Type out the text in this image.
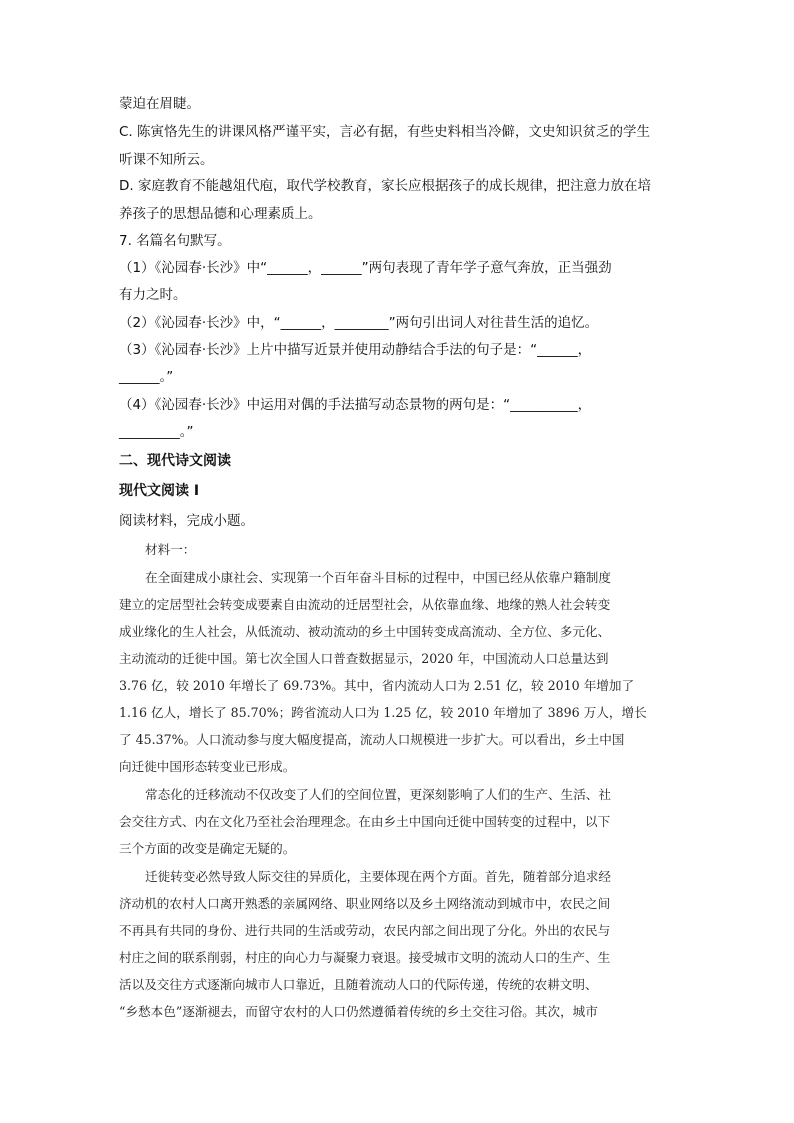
蒙迫在眉睫。
C. 陈寅恪先生的讲课风格严谨平实，言必有据，有些史料相当冷僻，文史知识贫乏的学生
听课不知所云。
D. 家庭教育不能越俎代庖，取代学校教育，家长应根据孩子的成长规律，把注意力放在培
养孩子的思想品德和心理素质上。
7. 名篇名句默写。
（1）《沁园春·长沙》中“______，______”两句表现了青年学子意气奔放，正当强劲
有力之时。
（2）《沁园春·长沙》中，“______，________”两句引出词人对往昔生活的追忆。
（3）《沁园春·长沙》上片中描写近景并使用动静结合手法的句子是：“______，
______。”
（4）《沁园春·长沙》中运用对偶的手法描写动态景物的两句是：“__________，
_________。”
二、现代诗文阅读
现代文阅读 I
阅读材料，完成小题。
材料一：
在全面建成小康社会、实现第一个百年奋斗目标的过程中，中国已经从依靠户籍制度
建立的定居型社会转变成要素自由流动的迁居型社会，从依靠血缘、地缘的熟人社会转变
成业缘化的生人社会，从低流动、被动流动的乡土中国转变成高流动、全方位、多元化、
主动流动的迁徙中国。第七次全国人口普查数据显示，2020 年，中国流动人口总量达到
3.76 亿，较 2010 年增长了 69.73%。其中，省内流动人口为 2.51 亿，较 2010 年增加了
1.16 亿人，增长了 85.70%；跨省流动人口为 1.25 亿，较 2010 年增加了 3896 万人，增长
了 45.37%。人口流动参与度大幅度提高，流动人口规模进一步扩大。可以看出，乡土中国
向迁徙中国形态转变业已形成。
常态化的迁移流动不仅改变了人们的空间位置，更深刻影响了人们的生产、生活、社
会交往方式、内在文化乃至社会治理理念。在由乡土中国向迁徙中国转变的过程中，以下
三个方面的改变是确定无疑的。
迁徙转变必然导致人际交往的异质化，主要体现在两个方面。首先，随着部分追求经
济动机的农村人口离开熟悉的亲属网络、职业网络以及乡土网络流动到城市中，农民之间
不再具有共同的身份、进行共同的生活或劳动，农民内部之间出现了分化。外出的农民与
村庄之间的联系削弱，村庄的向心力与凝聚力衰退。接受城市文明的流动人口的生产、生
活以及交往方式逐渐向城市人口靠近，且随着流动人口的代际传递，传统的农耕文明、
“乡愁本色”逐渐褪去，而留守农村的人口仍然遵循着传统的乡土交往习俗。其次，城市
